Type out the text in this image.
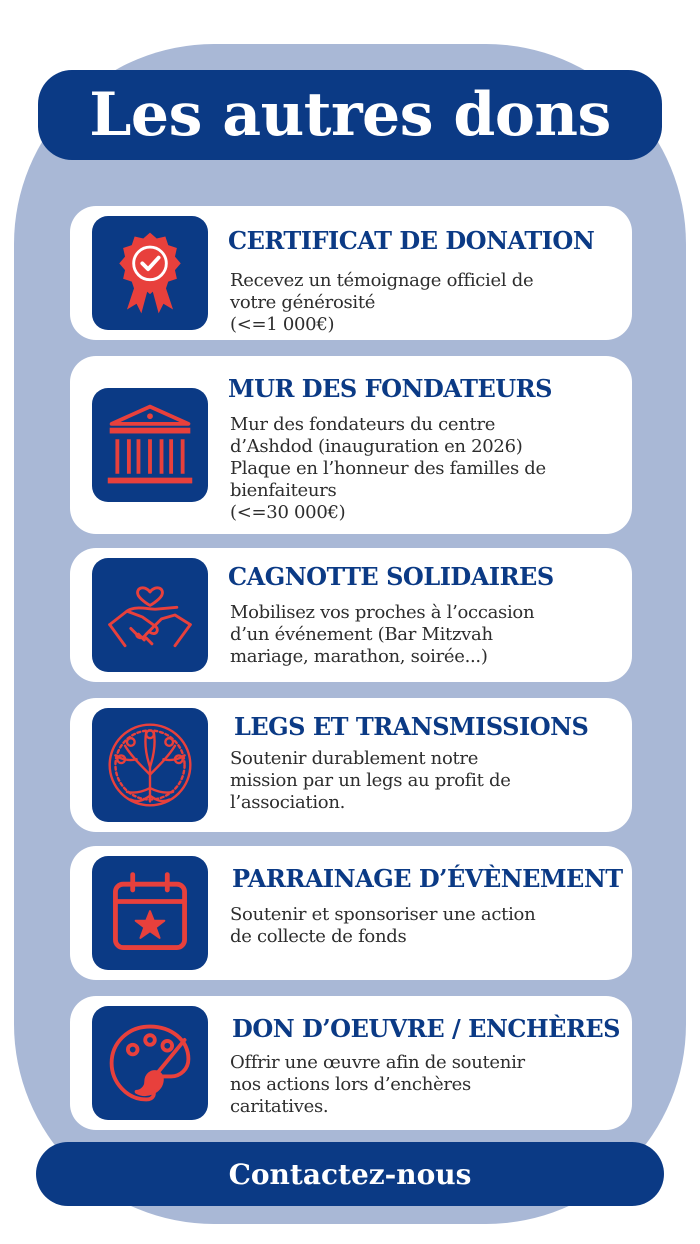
Les autres dons
CERTIFICAT DE DONATION
Recevez un témoignage officiel de
votre générosité
(<=1 000€)
MUR DES FONDATEURS
Mur des fondateurs du centre
d’Ashdod (inauguration en 2026)
Plaque en l’honneur des familles de
bienfaiteurs
(<=30 000€)
CAGNOTTE SOLIDAIRES
Mobilisez vos proches à l’occasion
d’un événement (Bar Mitzvah
mariage, marathon, soirée...)
LEGS ET TRANSMISSIONS
Soutenir durablement notre
mission par un legs au profit de
l’association.
PARRAINAGE D’ÉVÈNEMENT
Soutenir et sponsoriser une action
de collecte de fonds
DON D’OEUVRE / ENCHÈRES
Offrir une œuvre afin de soutenir
nos actions lors d’enchères
caritatives.
Contactez-nous
